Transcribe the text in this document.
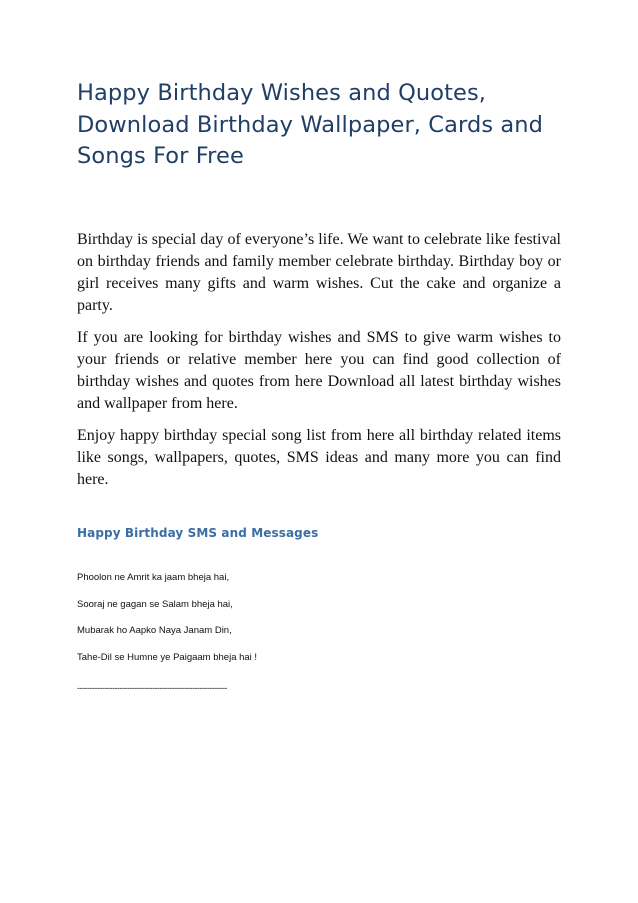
Happy Birthday Wishes and Quotes, Download Birthday Wallpaper, Cards and Songs For Free

Birthday is special day of everyone’s life. We want to celebrate like festival on birthday friends and family member celebrate birthday. Birthday boy or girl receives many gifts and warm wishes. Cut the cake and organize a party.

If you are looking for birthday wishes and SMS to give warm wishes to your friends or relative member here you can find good collection of birthday wishes and quotes from here Download all latest birthday wishes and wallpaper from here.

Enjoy happy birthday special song list from here all birthday related items like songs, wallpapers, quotes, SMS ideas and many more you can find here.

Happy Birthday SMS and Messages
Phoolon ne Amrit ka jaam bheja hai,
Sooraj ne gagan se Salam bheja hai,
Mubarak ho Aapko Naya Janam Din,
Tahe-Dil se Humne ye Paigaam bheja hai !
------------------------------------------------------------
